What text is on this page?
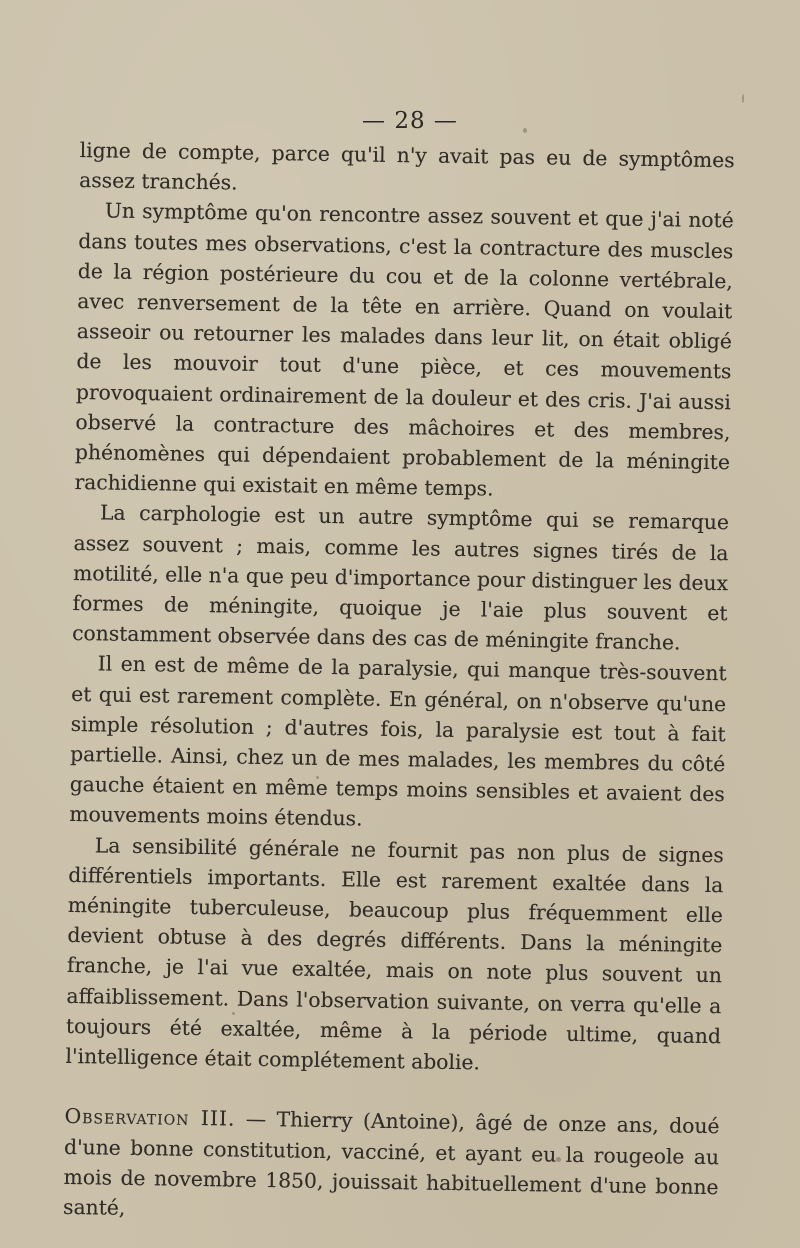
— 28 —

ligne de compte, parce qu'il n'y avait pas eu de symptômes assez tranchés.

Un symptôme qu'on rencontre assez souvent et que j'ai noté dans toutes mes observations, c'est la contracture des muscles de la région postérieure du cou et de la colonne vertébrale, avec renversement de la tête en arrière. Quand on voulait asseoir ou retourner les malades dans leur lit, on était obligé de les mouvoir tout d'une pièce, et ces mouvements provoquaient ordinairement de la douleur et des cris. J'ai aussi observé la contracture des mâchoires et des membres, phénomènes qui dépendaient probablement de la méningite rachidienne qui existait en même temps.

La carphologie est un autre symptôme qui se remarque assez souvent ; mais, comme les autres signes tirés de la motilité, elle n'a que peu d'importance pour distinguer les deux formes de méningite, quoique je l'aie plus souvent et constamment observée dans des cas de méningite franche.

Il en est de même de la paralysie, qui manque très-souvent et qui est rarement complète. En général, on n'observe qu'une simple résolution ; d'autres fois, la paralysie est tout à fait partielle. Ainsi, chez un de mes malades, les membres du côté gauche étaient en même temps moins sensibles et avaient des mouvements moins étendus.

La sensibilité générale ne fournit pas non plus de signes différentiels importants. Elle est rarement exaltée dans la méningite tuberculeuse, beaucoup plus fréquemment elle devient obtuse à des degrés différents. Dans la méningite franche, je l'ai vue exaltée, mais on note plus souvent un affaiblissement. Dans l'observation suivante, on verra qu'elle a toujours été exaltée, même à la période ultime, quand l'intelligence était complétement abolie.

Observation III. — Thierry (Antoine), âgé de onze ans, doué d'une bonne constitution, vacciné, et ayant eu la rougeole au mois de novembre 1850, jouissait habituellement d'une bonne santé,
